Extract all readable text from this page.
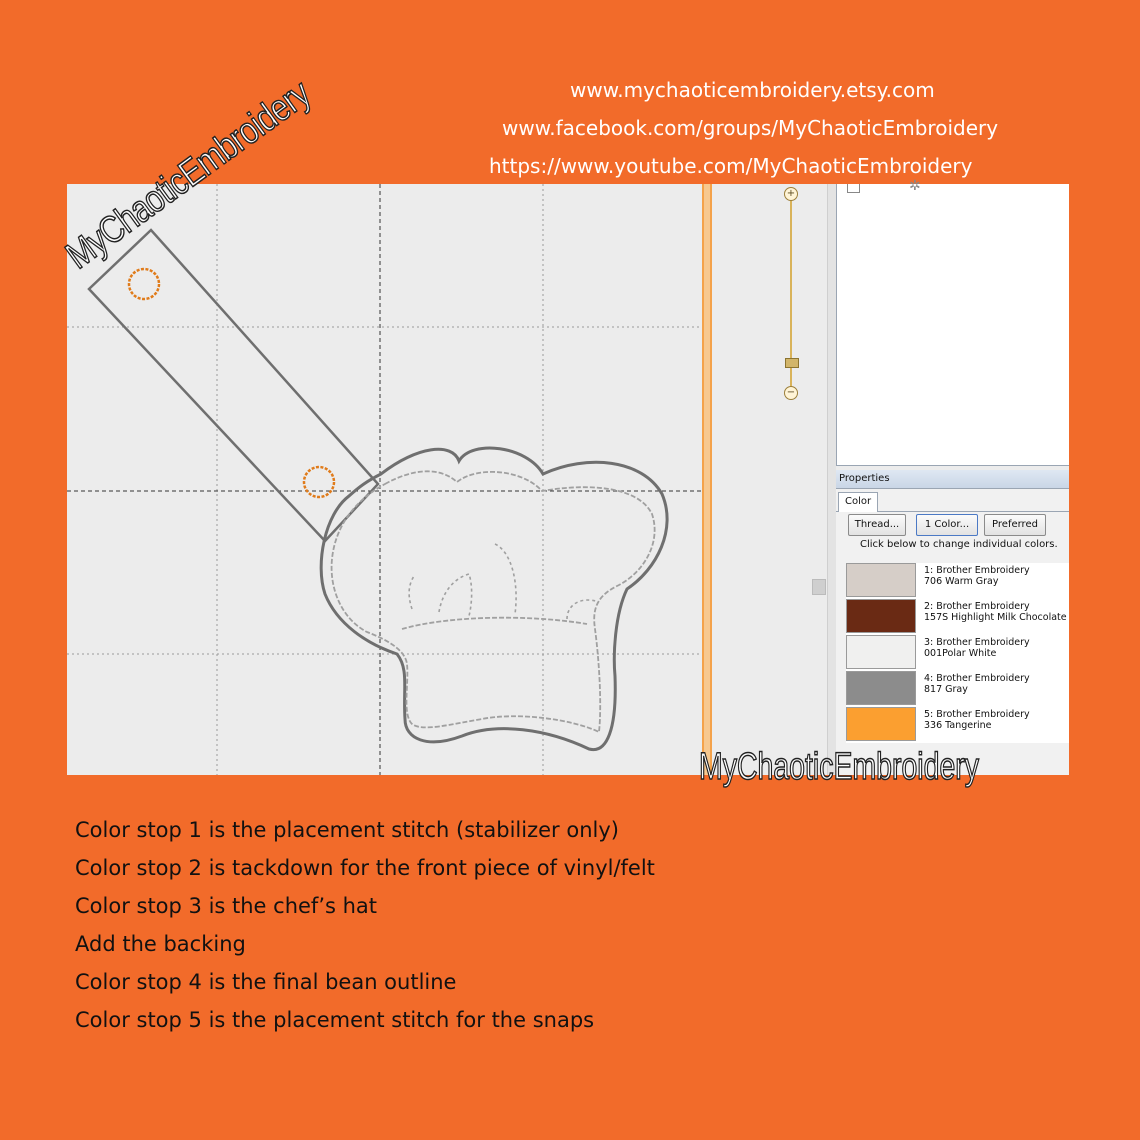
www.mychaoticembroidery.etsy.com
www.facebook.com/groups/MyChaoticEmbroidery
https://www.youtube.com/MyChaoticEmbroidery
+
−
✲
Properties
Color
Thread...	1 Color...	Preferred
Click below to change individual colors.
1: Brother Embroidery
706 Warm Gray
2: Brother Embroidery
157S Highlight Milk Chocolate
3: Brother Embroidery
001Polar White
4: Brother Embroidery
817 Gray
5: Brother Embroidery
336 Tangerine
MyChaoticEmbroidery
MyChaoticEmbroidery
Color stop 1 is the placement stitch (stabilizer only)
Color stop 2 is tackdown for the front piece of vinyl/felt
Color stop 3 is the chef’s hat
Add the backing
Color stop 4 is the final bean outline
Color stop 5 is the placement stitch for the snaps
